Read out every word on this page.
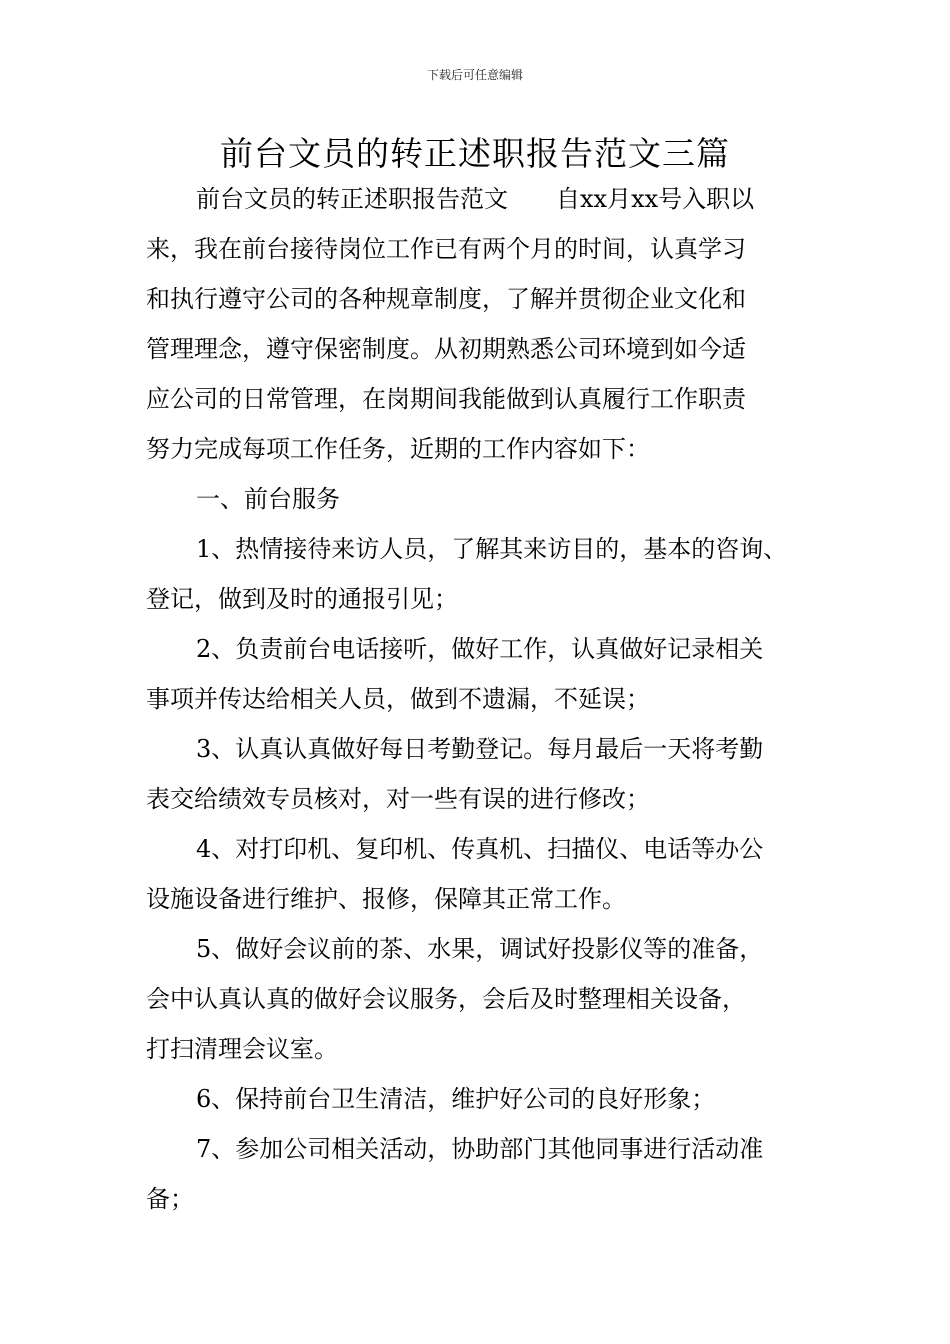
下载后可任意编辑
前台文员的转正述职报告范文三篇
前台文员的转正述职报告范文　　自xx月xx号入职以
来，我在前台接待岗位工作已有两个月的时间，认真学习
和执行遵守公司的各种规章制度，了解并贯彻企业文化和
管理理念，遵守保密制度。从初期熟悉公司环境到如今适
应公司的日常管理，在岗期间我能做到认真履行工作职责
努力完成每项工作任务，近期的工作内容如下：
一、前台服务
1、热情接待来访人员，了解其来访目的，基本的咨询、
登记，做到及时的通报引见；
2、负责前台电话接听，做好工作，认真做好记录相关
事项并传达给相关人员，做到不遗漏，不延误；
3、认真认真做好每日考勤登记。每月最后一天将考勤
表交给绩效专员核对，对一些有误的进行修改；
4、对打印机、复印机、传真机、扫描仪、电话等办公
设施设备进行维护、报修，保障其正常工作。
5、做好会议前的茶、水果，调试好投影仪等的准备，
会中认真认真的做好会议服务，会后及时整理相关设备，
打扫清理会议室。
6、保持前台卫生清洁，维护好公司的良好形象；
7、参加公司相关活动，协助部门其他同事进行活动准
备；
